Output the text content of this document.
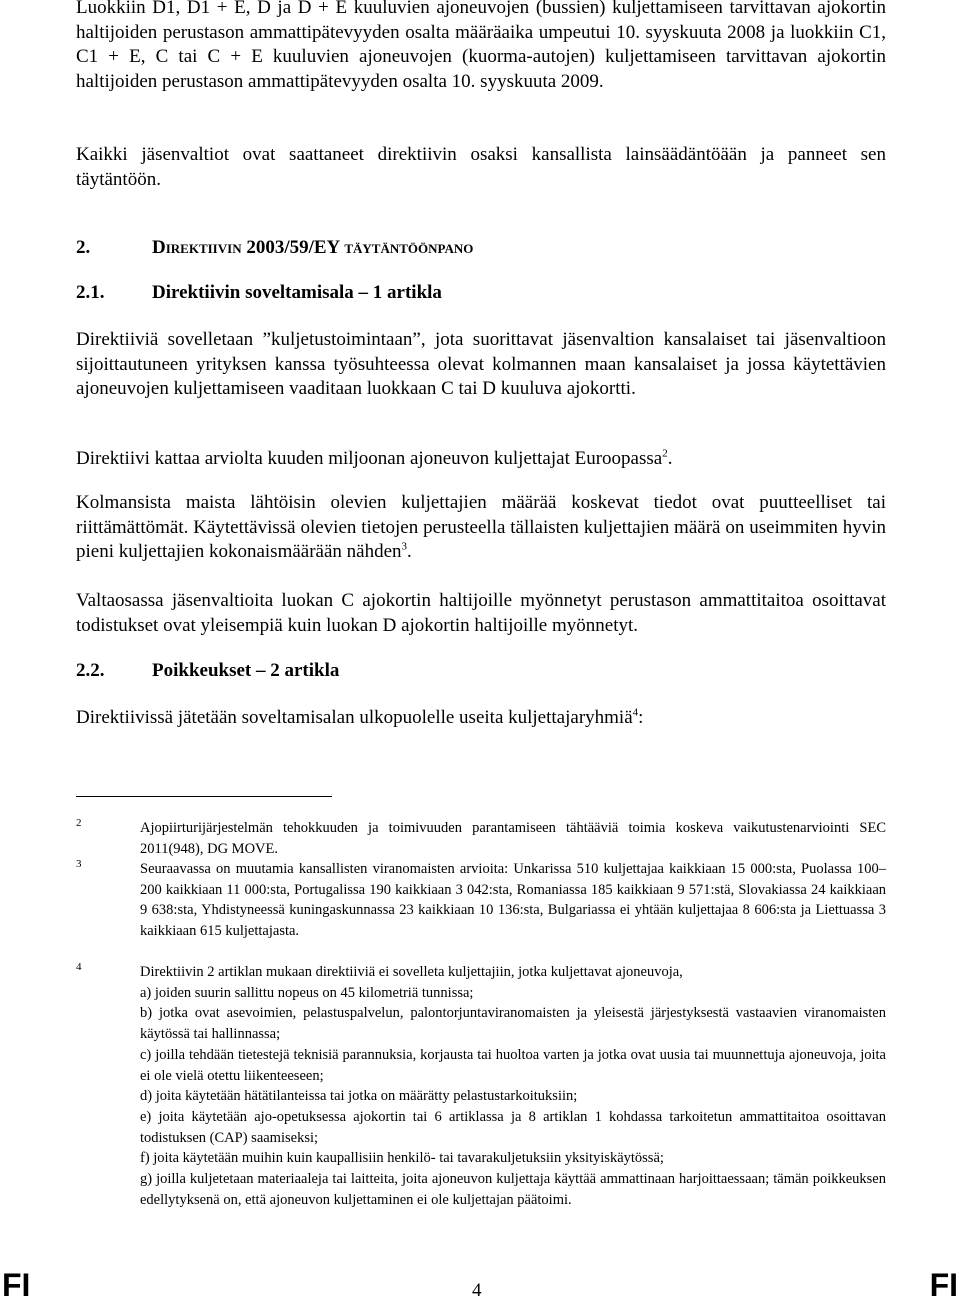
Luokkiin D1, D1 + E, D ja D + E kuuluvien ajoneuvojen (bussien) kuljettamiseen tarvittavan ajokortin haltijoiden perustason ammattipätevyyden osalta määräaika umpeutui 10. syyskuuta 2008 ja luokkiin C1, C1 + E, C tai C + E kuuluvien ajoneuvojen (kuorma-autojen) kuljettamiseen tarvittavan ajokortin haltijoiden perustason ammattipätevyyden osalta 10. syyskuuta 2009.

Kaikki jäsenvaltiot ovat saattaneet direktiivin osaksi kansallista lainsäädäntöään ja panneet sen täytäntöön.

2.	Direktiivin 2003/59/EY täytäntöönpano
2.1.	Direktiivin soveltamisala – 1 artikla

Direktiiviä sovelletaan ”kuljetustoimintaan”, jota suorittavat jäsenvaltion kansalaiset tai jäsenvaltioon sijoittautuneen yrityksen kanssa työsuhteessa olevat kolmannen maan kansalaiset ja jossa käytettävien ajoneuvojen kuljettamiseen vaaditaan luokkaan C tai D kuuluva ajokortti.

Direktiivi kattaa arviolta kuuden miljoonan ajoneuvon kuljettajat Euroopassa$^2$.

Kolmansista maista lähtöisin olevien kuljettajien määrää koskevat tiedot ovat puutteelliset tai riittämättömät. Käytettävissä olevien tietojen perusteella tällaisten kuljettajien määrä on useimmiten hyvin pieni kuljettajien kokonaismäärään nähden$^3$.

Valtaosassa jäsenvaltioita luokan C ajokortin haltijoille myönnetyt perustason ammattitaitoa osoittavat todistukset ovat yleisempiä kuin luokan D ajokortin haltijoille myönnetyt.

2.2.	Poikkeukset – 2 artikla

Direktiivissä jätetään soveltamisalan ulkopuolelle useita kuljettajaryhmiä$^4$:

2	Ajopiirturijärjestelmän tehokkuuden ja toimivuuden parantamiseen tähtääviä toimia koskeva vaikutustenarviointi SEC 2011(948), DG MOVE.
3	Seuraavassa on muutamia kansallisten viranomaisten arvioita: Unkarissa 510 kuljettajaa kaikkiaan 15 000:sta, Puolassa 100–200 kaikkiaan 11 000:sta, Portugalissa 190 kaikkiaan 3 042:sta, Romaniassa 185 kaikkiaan 9 571:stä, Slovakiassa 24 kaikkiaan 9 638:sta, Yhdistyneessä kuningaskunnassa 23 kaikkiaan 10 136:sta, Bulgariassa ei yhtään kuljettajaa 8 606:sta ja Liettuassa 3 kaikkiaan 615 kuljettajasta.
4	Direktiivin 2 artiklan mukaan direktiiviä ei sovelleta kuljettajiin, jotka kuljettavat ajoneuvoja,
a) joiden suurin sallittu nopeus on 45 kilometriä tunnissa;
b) jotka ovat asevoimien, pelastuspalvelun, palontorjuntaviranomaisten ja yleisestä järjestyksestä vastaavien viranomaisten käytössä tai hallinnassa;
c) joilla tehdään tietestejä teknisiä parannuksia, korjausta tai huoltoa varten ja jotka ovat uusia tai muunnettuja ajoneuvoja, joita ei ole vielä otettu liikenteeseen;
d) joita käytetään hätätilanteissa tai jotka on määrätty pelastustarkoituksiin;
e) joita käytetään ajo-opetuksessa ajokortin tai 6 artiklassa ja 8 artiklan 1 kohdassa tarkoitetun ammattitaitoa osoittavan todistuksen (CAP) saamiseksi;
f) joita käytetään muihin kuin kaupallisiin henkilö- tai tavarakuljetuksiin yksityiskäytössä;
g) joilla kuljetetaan materiaaleja tai laitteita, joita ajoneuvon kuljettaja käyttää ammattinaan harjoittaessaan; tämän poikkeuksen edellytyksenä on, että ajoneuvon kuljettaminen ei ole kuljettajan päätoimi.
FI	4	FI
